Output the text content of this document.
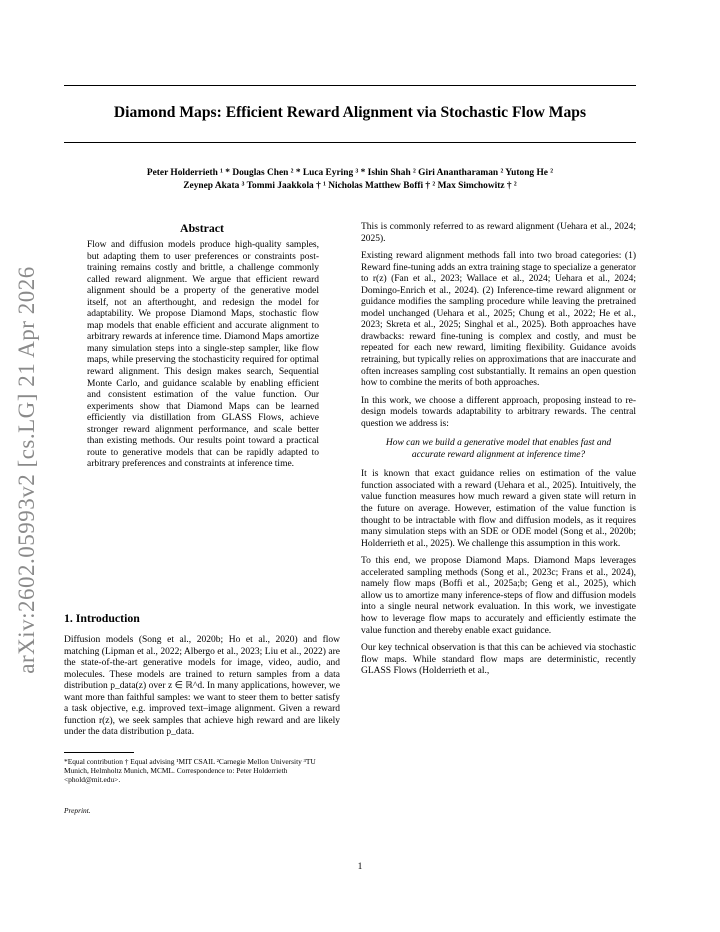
arXiv:2602.05993v2 [cs.LG] 21 Apr 2026
Diamond Maps: Efficient Reward Alignment via Stochastic Flow Maps
Peter Holderrieth ¹ * Douglas Chen ² * Luca Eyring ³ * Ishin Shah ² Giri Anantharaman ² Yutong He ²
Zeynep Akata ³ Tommi Jaakkola † ¹ Nicholas Matthew Boffi † ² Max Simchowitz † ²
Abstract
Flow and diffusion models produce high-quality samples, but adapting them to user preferences or constraints post-training remains costly and brittle, a challenge commonly called reward alignment. We argue that efficient reward alignment should be a property of the generative model itself, not an afterthought, and redesign the model for adaptability. We propose Diamond Maps, stochastic flow map models that enable efficient and accurate alignment to arbitrary rewards at inference time. Diamond Maps amortize many simulation steps into a single-step sampler, like flow maps, while preserving the stochasticity required for optimal reward alignment. This design makes search, Sequential Monte Carlo, and guidance scalable by enabling efficient and consistent estimation of the value function. Our experiments show that Diamond Maps can be learned efficiently via distillation from GLASS Flows, achieve stronger reward alignment performance, and scale better than existing methods. Our results point toward a practical route to generative models that can be rapidly adapted to arbitrary preferences and constraints at inference time.
1. Introduction

Diffusion models (Song et al., 2020b; Ho et al., 2020) and flow matching (Lipman et al., 2022; Albergo et al., 2023; Liu et al., 2022) are the state-of-the-art generative models for image, video, audio, and molecules. These models are trained to return samples from a data distribution p_data(z) over z ∈ ℝ^d. In many applications, however, we want more than faithful samples: we want to steer them to better satisfy a task objective, e.g. improved text–image alignment. Given a reward function r(z), we seek samples that achieve high reward and are likely under the data distribution p_data.

*Equal contribution † Equal advising ¹MIT CSAIL ²Carnegie Mellon University ³TU Munich, Helmholtz Munich, MCML. Correspondence to: Peter Holderrieth <phold@mit.edu>.
Preprint.

This is commonly referred to as reward alignment (Uehara et al., 2024; 2025).

Existing reward alignment methods fall into two broad categories: (1) Reward fine-tuning adds an extra training stage to specialize a generator to r(z) (Fan et al., 2023; Wallace et al., 2024; Uehara et al., 2024; Domingo-Enrich et al., 2024). (2) Inference-time reward alignment or guidance modifies the sampling procedure while leaving the pretrained model unchanged (Uehara et al., 2025; Chung et al., 2022; He et al., 2023; Skreta et al., 2025; Singhal et al., 2025). Both approaches have drawbacks: reward fine-tuning is complex and costly, and must be repeated for each new reward, limiting flexibility. Guidance avoids retraining, but typically relies on approximations that are inaccurate and often increases sampling cost substantially. It remains an open question how to combine the merits of both approaches.

In this work, we choose a different approach, proposing instead to re-design models towards adaptability to arbitrary rewards. The central question we address is:

How can we build a generative model that enables fast and accurate reward alignment at inference time?

It is known that exact guidance relies on estimation of the value function associated with a reward (Uehara et al., 2025). Intuitively, the value function measures how much reward a given state will return in the future on average. However, estimation of the value function is thought to be intractable with flow and diffusion models, as it requires many simulation steps with an SDE or ODE model (Song et al., 2020b; Holderrieth et al., 2025). We challenge this assumption in this work.

To this end, we propose Diamond Maps. Diamond Maps leverages accelerated sampling methods (Song et al., 2023c; Frans et al., 2024), namely flow maps (Boffi et al., 2025a;b; Geng et al., 2025), which allow us to amortize many inference-steps of flow and diffusion models into a single neural network evaluation. In this work, we investigate how to leverage flow maps to accurately and efficiently estimate the value function and thereby enable exact guidance.

Our key technical observation is that this can be achieved via stochastic flow maps. While standard flow maps are deterministic, recently GLASS Flows (Holderrieth et al.,

1
